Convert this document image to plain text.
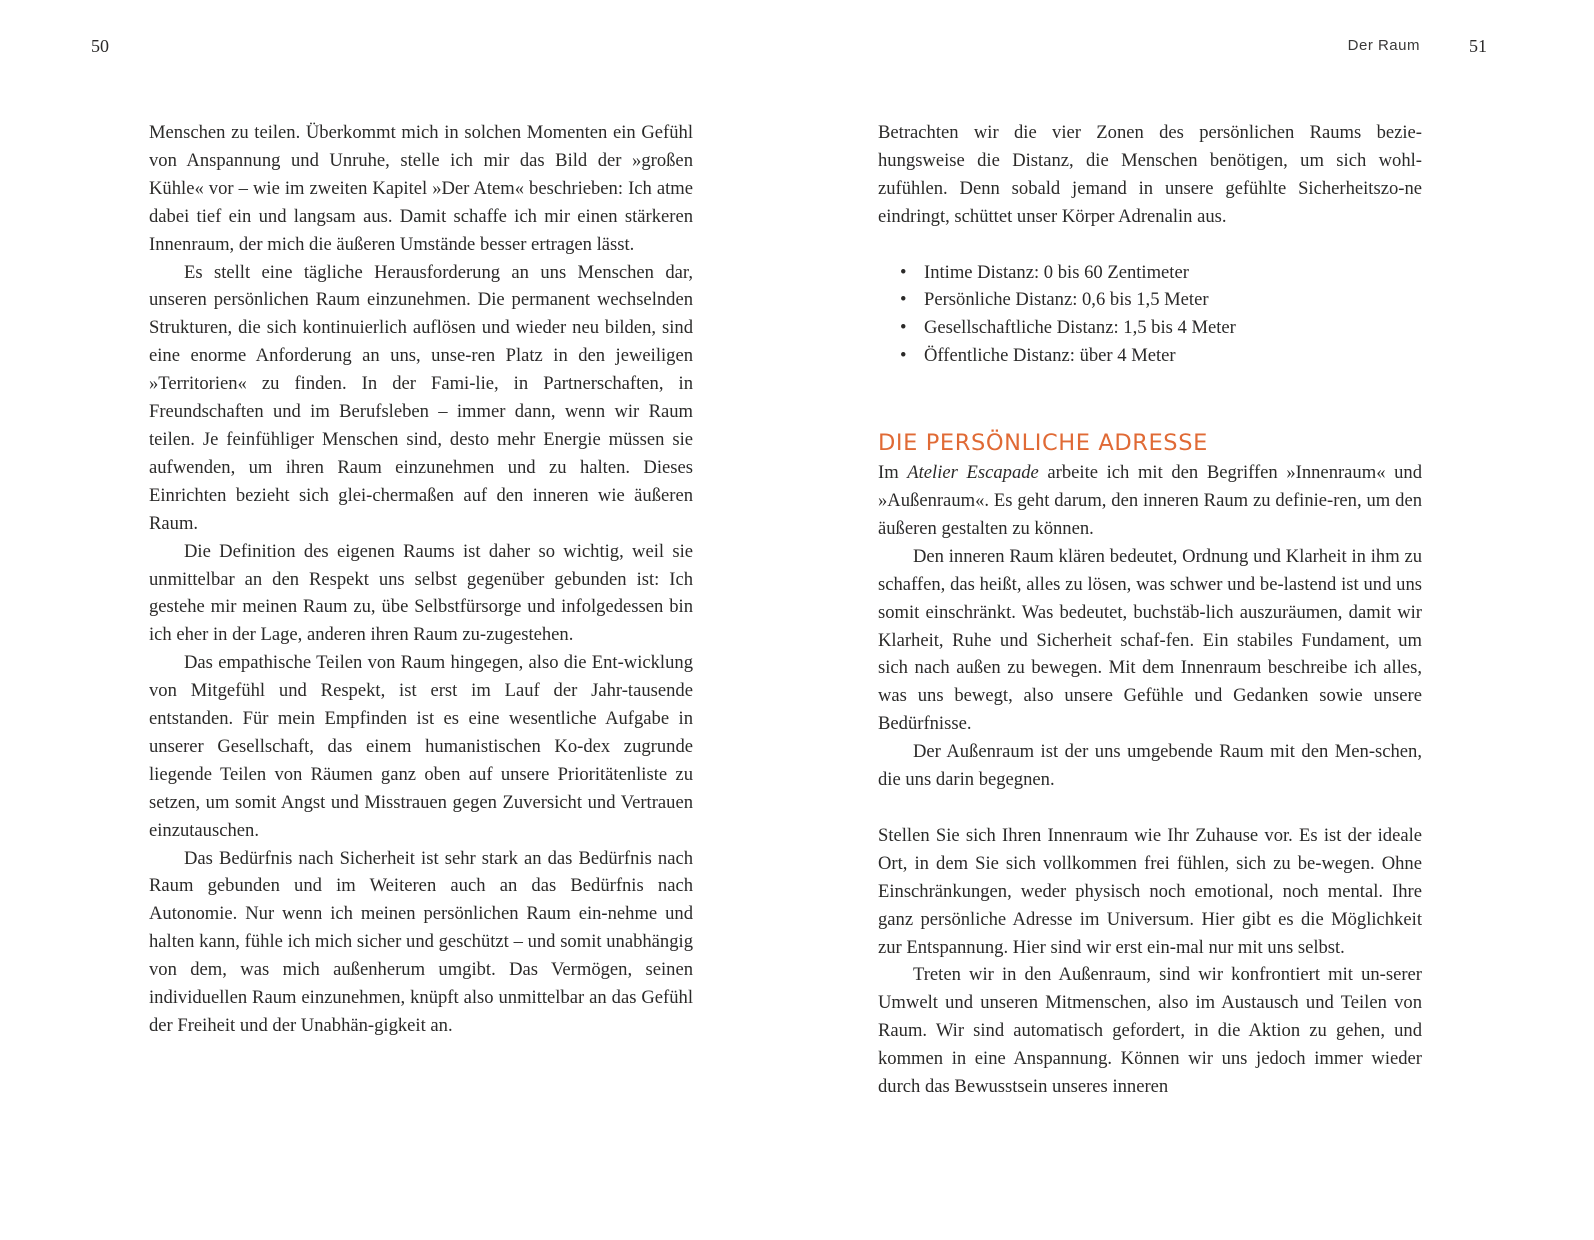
50	Der Raum	51

Menschen zu teilen. Überkommt mich in solchen Momenten ein Gefühl von Anspannung und Unruhe, stelle ich mir das Bild der »großen Kühle« vor – wie im zweiten Kapitel »Der Atem« beschrieben: Ich atme dabei tief ein und langsam aus. Damit schaffe ich mir einen stärkeren Innenraum, der mich die äußeren Umstände besser ertragen lässt.

Es stellt eine tägliche Herausforderung an uns Menschen dar, unseren persönlichen Raum einzunehmen. Die permanent wechselnden Strukturen, die sich kontinuierlich auflösen und wieder neu bilden, sind eine enorme Anforderung an uns, unse-ren Platz in den jeweiligen »Territorien« zu finden. In der Fami-lie, in Partnerschaften, in Freundschaften und im Berufsleben – immer dann, wenn wir Raum teilen. Je feinfühliger Menschen sind, desto mehr Energie müssen sie aufwenden, um ihren Raum einzunehmen und zu halten. Dieses Einrichten bezieht sich glei-chermaßen auf den inneren wie äußeren Raum.

Die Definition des eigenen Raums ist daher so wichtig, weil sie unmittelbar an den Respekt uns selbst gegenüber gebunden ist: Ich gestehe mir meinen Raum zu, übe Selbstfürsorge und infolgedessen bin ich eher in der Lage, anderen ihren Raum zu-zugestehen.

Das empathische Teilen von Raum hingegen, also die Ent-wicklung von Mitgefühl und Respekt, ist erst im Lauf der Jahr-tausende entstanden. Für mein Empfinden ist es eine wesentliche Aufgabe in unserer Gesellschaft, das einem humanistischen Ko-dex zugrunde liegende Teilen von Räumen ganz oben auf unsere Prioritätenliste zu setzen, um somit Angst und Misstrauen gegen Zuversicht und Vertrauen einzutauschen.

Das Bedürfnis nach Sicherheit ist sehr stark an das Bedürfnis nach Raum gebunden und im Weiteren auch an das Bedürfnis nach Autonomie. Nur wenn ich meinen persönlichen Raum ein-nehme und halten kann, fühle ich mich sicher und geschützt – und somit unabhängig von dem, was mich außenherum umgibt. Das Vermögen, seinen individuellen Raum einzunehmen, knüpft also unmittelbar an das Gefühl der Freiheit und der Unabhän-gigkeit an.

Betrachten wir die vier Zonen des persönlichen Raums bezie-hungsweise die Distanz, die Menschen benötigen, um sich wohl-zufühlen. Denn sobald jemand in unsere gefühlte Sicherheitszo-ne eindringt, schüttet unser Körper Adrenalin aus.

• Intime Distanz: 0 bis 60 Zentimeter
• Persönliche Distanz: 0,6 bis 1,5 Meter
• Gesellschaftliche Distanz: 1,5 bis 4 Meter
• Öffentliche Distanz: über 4 Meter
DIE PERSÖNLICHE ADRESSE

Im Atelier Escapade arbeite ich mit den Begriffen »Innenraum« und »Außenraum«. Es geht darum, den inneren Raum zu definie-ren, um den äußeren gestalten zu können.

Den inneren Raum klären bedeutet, Ordnung und Klarheit in ihm zu schaffen, das heißt, alles zu lösen, was schwer und be-lastend ist und uns somit einschränkt. Was bedeutet, buchstäb-lich auszuräumen, damit wir Klarheit, Ruhe und Sicherheit schaf-fen. Ein stabiles Fundament, um sich nach außen zu bewegen. Mit dem Innenraum beschreibe ich alles, was uns bewegt, also unsere Gefühle und Gedanken sowie unsere Bedürfnisse.

Der Außenraum ist der uns umgebende Raum mit den Men-schen, die uns darin begegnen.

Stellen Sie sich Ihren Innenraum wie Ihr Zuhause vor. Es ist der ideale Ort, in dem Sie sich vollkommen frei fühlen, sich zu be-wegen. Ohne Einschränkungen, weder physisch noch emotional, noch mental. Ihre ganz persönliche Adresse im Universum. Hier gibt es die Möglichkeit zur Entspannung. Hier sind wir erst ein-mal nur mit uns selbst.

Treten wir in den Außenraum, sind wir konfrontiert mit un-serer Umwelt und unseren Mitmenschen, also im Austausch und Teilen von Raum. Wir sind automatisch gefordert, in die Aktion zu gehen, und kommen in eine Anspannung. Können wir uns jedoch immer wieder durch das Bewusstsein unseres inneren
